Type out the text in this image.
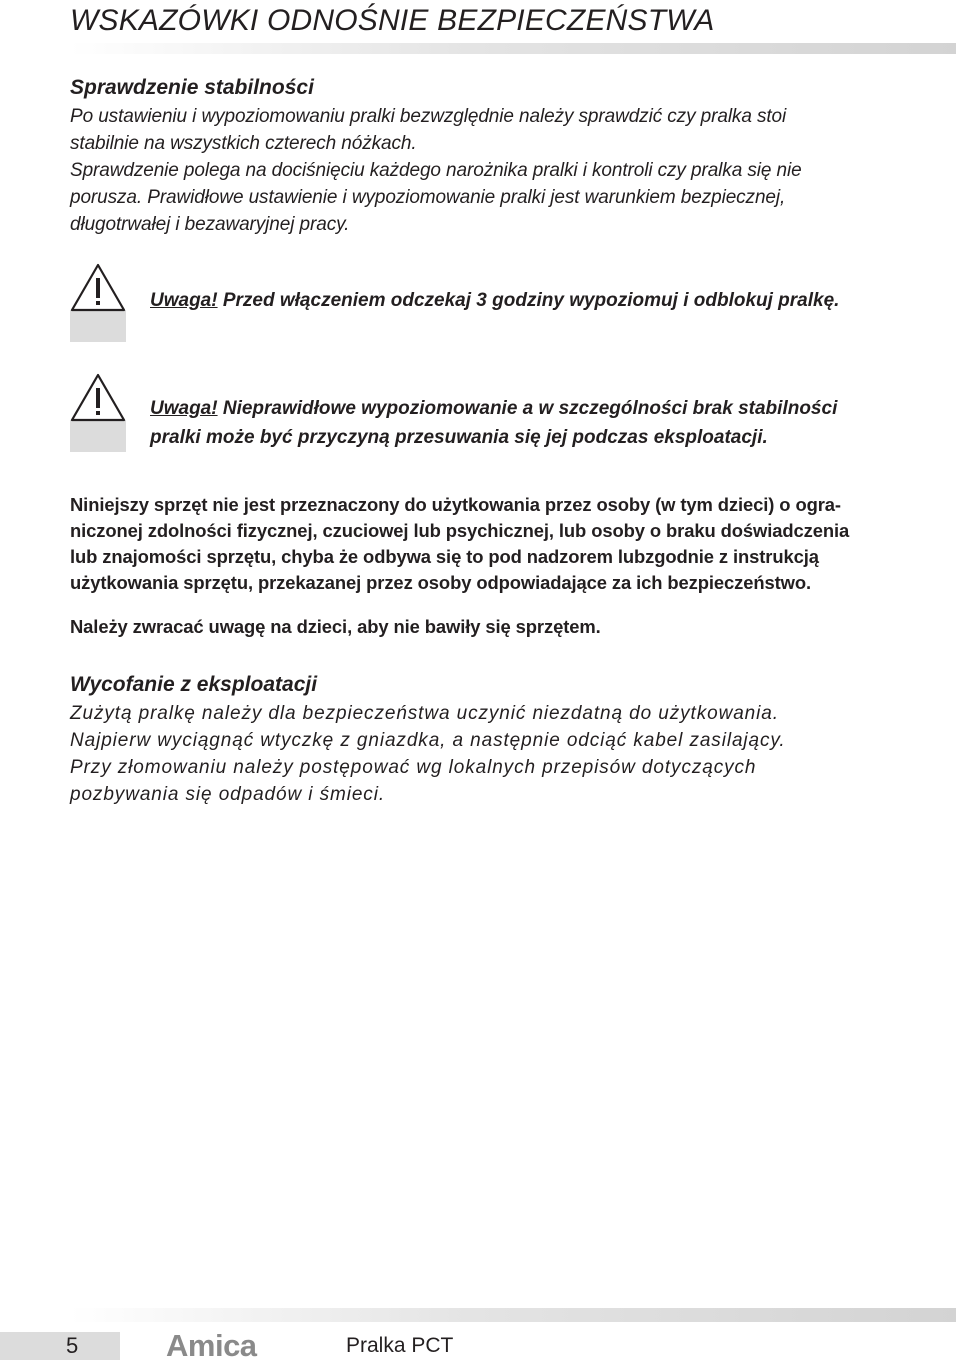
WSKAZÓWKI ODNOŚNIE BEZPIECZEŃSTWA
Sprawdzenie stabilności
Po ustawieniu i wypoziomowaniu pralki bezwzględnie należy sprawdzić czy pralka stoi
stabilnie na wszystkich czterech nóżkach.
Sprawdzenie polega na dociśnięciu każdego narożnika pralki i kontroli czy pralka się nie
porusza. Prawidłowe ustawienie i wypoziomowanie pralki jest warunkiem bezpiecznej,
długotrwałej i bezawaryjnej pracy.
Uwaga! Przed włączeniem odczekaj 3 godziny wypoziomuj i odblokuj pralkę.
Uwaga! Nieprawidłowe wypoziomowanie a w szczególności brak stabilności
pralki może być przyczyną przesuwania się jej podczas eksploatacji.
Niniejszy sprzęt nie jest przeznaczony do użytkowania przez osoby (w tym dzieci) o ogra-
niczonej zdolności fizycznej, czuciowej lub psychicznej, lub osoby o braku doświadczenia
lub znajomości sprzętu, chyba że odbywa się to pod nadzorem lubzgodnie z instrukcją
użytkowania sprzętu, przekazanej przez osoby odpowiadające za ich bezpieczeństwo.
Należy zwracać uwagę na dzieci, aby nie bawiły się sprzętem.
Wycofanie z eksploatacji
Zużytą pralkę należy dla bezpieczeństwa uczynić niezdatną do użytkowania.
Najpierw wyciągnąć wtyczkę z gniazdka, a następnie odciąć kabel zasilający.
Przy złomowaniu należy postępować wg lokalnych przepisów dotyczących
pozbywania się odpadów i śmieci.
5	Amica	Pralka PCT
